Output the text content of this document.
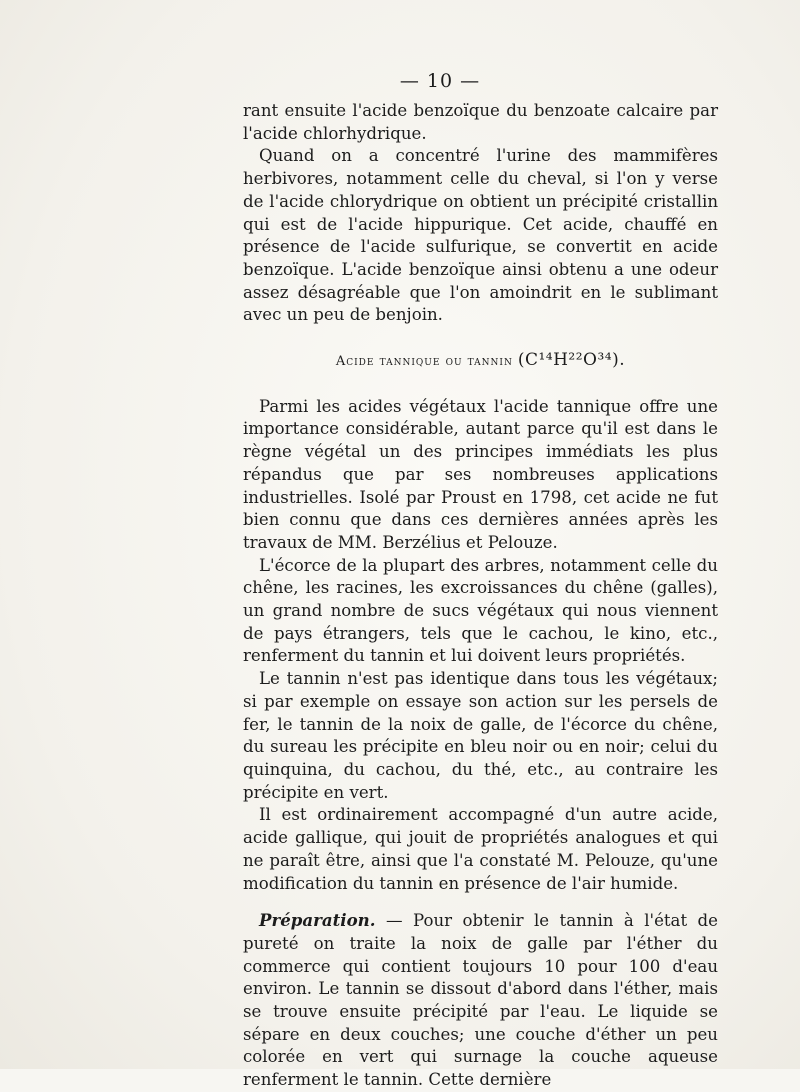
— 10 —

rant ensuite l'acide benzoïque du benzoate calcaire par l'acide chlorhydrique.

Quand on a concentré l'urine des mammifères herbivores, notamment celle du cheval, si l'on y verse de l'acide chlorydrique on obtient un précipité cristallin qui est de l'acide hippurique. Cet acide, chauffé en présence de l'acide sulfurique, se convertit en acide benzoïque. L'acide benzoïque ainsi obtenu a une odeur assez désagréable que l'on amoindrit en le sublimant avec un peu de benjoin.

Acide tannique ou tannin (C¹⁴H²²O³⁴).

Parmi les acides végétaux l'acide tannique offre une importance considérable, autant parce qu'il est dans le règne végétal un des principes immédiats les plus répandus que par ses nombreuses applications industrielles. Isolé par Proust en 1798, cet acide ne fut bien connu que dans ces dernières années après les travaux de MM. Berzélius et Pelouze.

L'écorce de la plupart des arbres, notamment celle du chêne, les racines, les excroissances du chêne (galles), un grand nombre de sucs végétaux qui nous viennent de pays étrangers, tels que le cachou, le kino, etc., renferment du tannin et lui doivent leurs propriétés.

Le tannin n'est pas identique dans tous les végétaux; si par exemple on essaye son action sur les persels de fer, le tannin de la noix de galle, de l'écorce du chêne, du sureau les précipite en bleu noir ou en noir; celui du quinquina, du cachou, du thé, etc., au contraire les précipite en vert.

Il est ordinairement accompagné d'un autre acide, acide gallique, qui jouit de propriétés analogues et qui ne paraît être, ainsi que l'a constaté M. Pelouze, qu'une modification du tannin en présence de l'air humide.

Préparation. — Pour obtenir le tannin à l'état de pureté on traite la noix de galle par l'éther du commerce qui contient toujours 10 pour 100 d'eau environ. Le tannin se dissout d'abord dans l'éther, mais se trouve ensuite précipité par l'eau. Le liquide se sépare en deux couches; une couche d'éther un peu colorée en vert qui surnage la couche aqueuse renferment le tannin. Cette dernière
